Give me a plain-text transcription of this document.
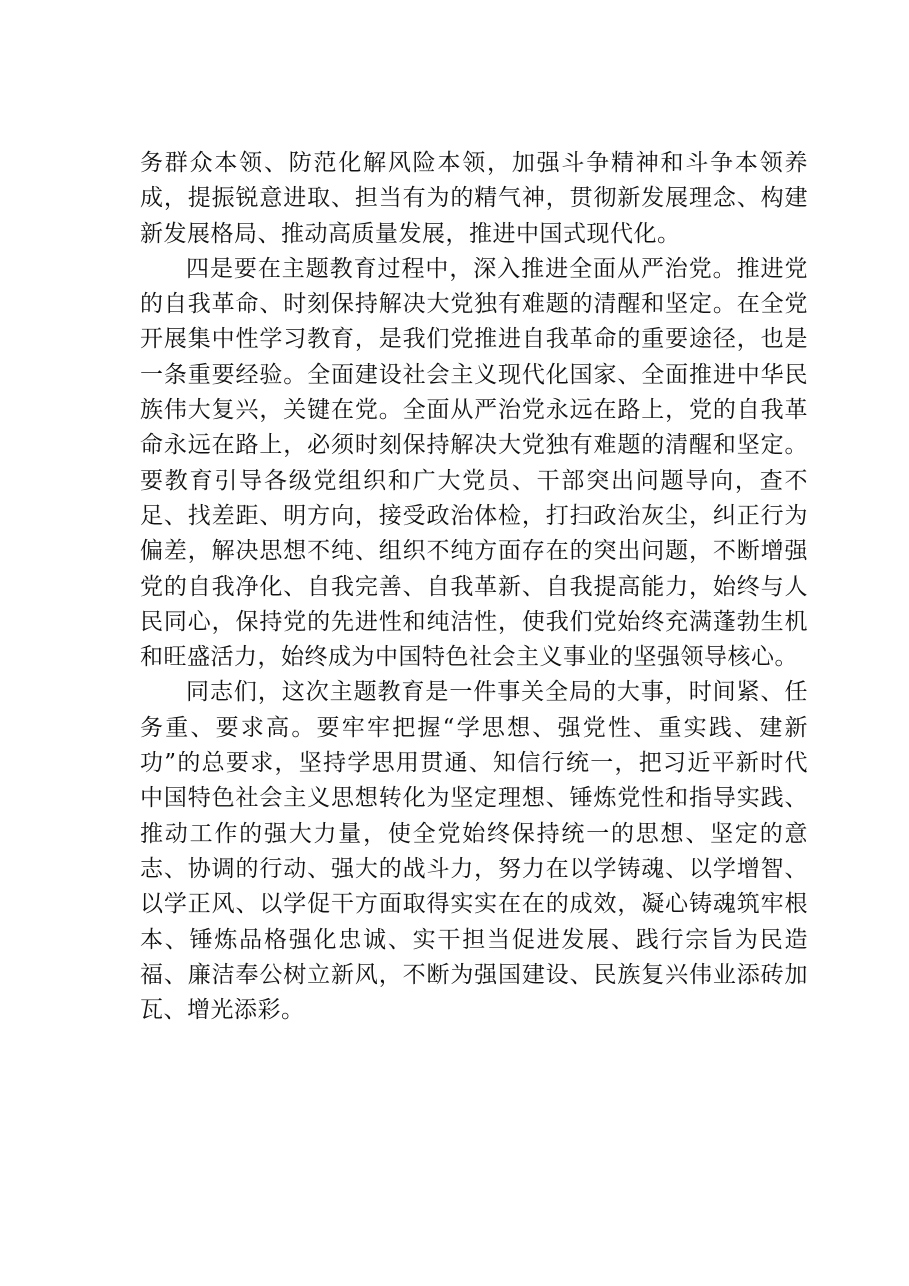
务群众本领、防范化解风险本领，加强斗争精神和斗争本领养成，提振锐意进取、担当有为的精气神，贯彻新发展理念、构建新发展格局、推动高质量发展，推进中国式现代化。

四是要在主题教育过程中，深入推进全面从严治党。推进党的自我革命、时刻保持解决大党独有难题的清醒和坚定。在全党开展集中性学习教育，是我们党推进自我革命的重要途径，也是一条重要经验。全面建设社会主义现代化国家、全面推进中华民族伟大复兴，关键在党。全面从严治党永远在路上，党的自我革命永远在路上，必须时刻保持解决大党独有难题的清醒和坚定。要教育引导各级党组织和广大党员、干部突出问题导向，查不足、找差距、明方向，接受政治体检，打扫政治灰尘，纠正行为偏差，解决思想不纯、组织不纯方面存在的突出问题，不断增强党的自我净化、自我完善、自我革新、自我提高能力，始终与人民同心，保持党的先进性和纯洁性，使我们党始终充满蓬勃生机和旺盛活力，始终成为中国特色社会主义事业的坚强领导核心。

同志们，这次主题教育是一件事关全局的大事，时间紧、任务重、要求高。要牢牢把握“学思想、强党性、重实践、建新功”的总要求，坚持学思用贯通、知信行统一，把习近平新时代中国特色社会主义思想转化为坚定理想、锤炼党性和指导实践、推动工作的强大力量，使全党始终保持统一的思想、坚定的意志、协调的行动、强大的战斗力，努力在以学铸魂、以学增智、以学正风、以学促干方面取得实实在在的成效，凝心铸魂筑牢根本、锤炼品格强化忠诚、实干担当促进发展、践行宗旨为民造福、廉洁奉公树立新风，不断为强国建设、民族复兴伟业添砖加瓦、增光添彩。
